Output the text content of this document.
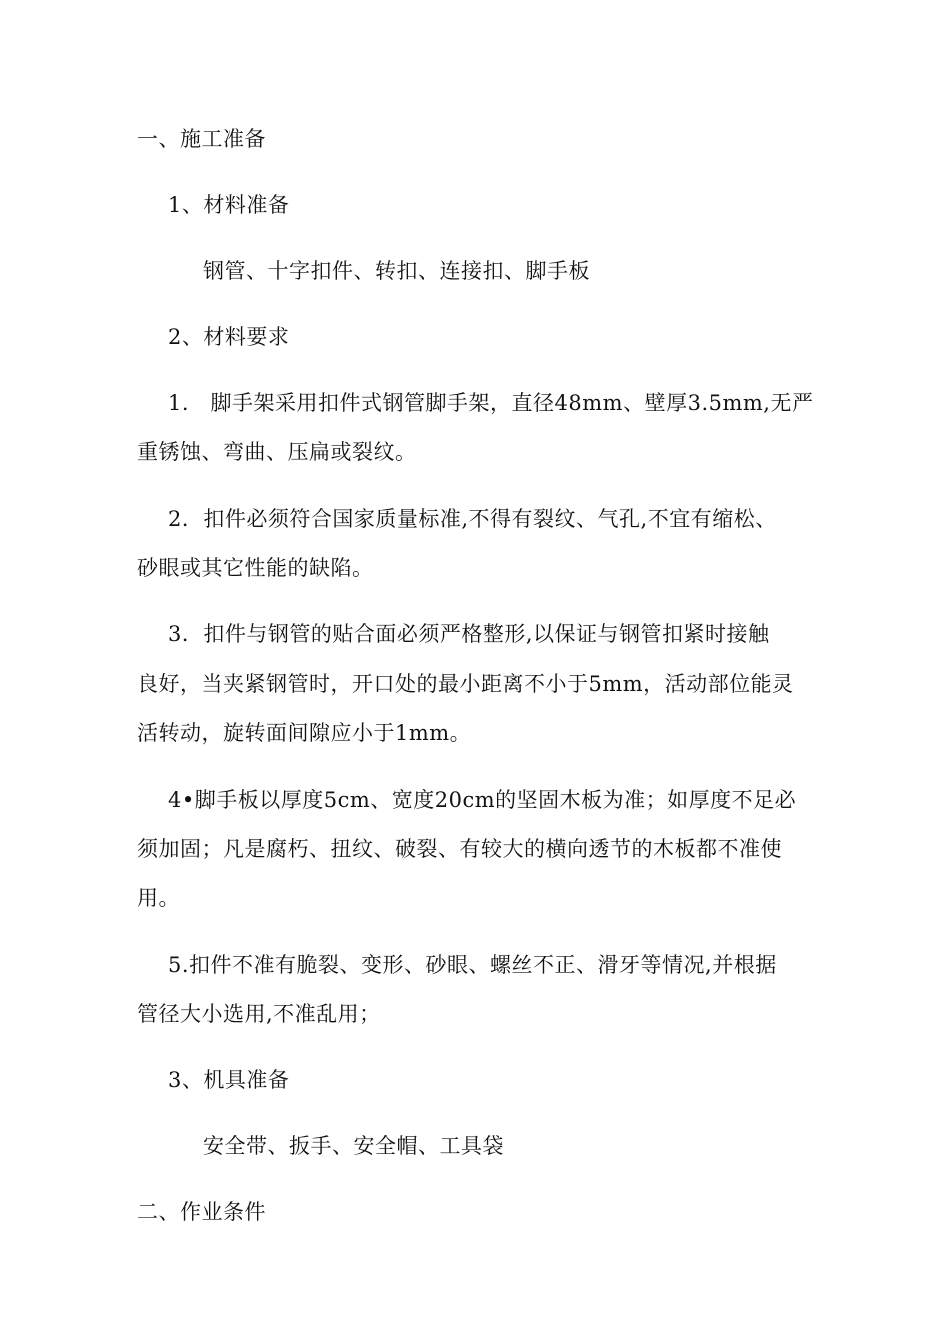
一、施工准备

1、材料准备

钢管、十字扣件、转扣、连接扣、脚手板

2、材料要求

1.　脚手架采用扣件式钢管脚手架，直径48mm、壁厚3.5mm,无严

重锈蚀、弯曲、压扁或裂纹。

2．扣件必须符合国家质量标准,不得有裂纹、气孔,不宜有缩松、

砂眼或其它性能的缺陷。

3．扣件与钢管的贴合面必须严格整形,以保证与钢管扣紧时接触

良好，当夹紧钢管时，开口处的最小距离不小于5mm，活动部位能灵

活转动，旋转面间隙应小于1mm。

4•脚手板以厚度5cm、宽度20cm的坚固木板为准；如厚度不足必

须加固；凡是腐朽、扭纹、破裂、有较大的横向透节的木板都不准使

用。

5.扣件不准有脆裂、变形、砂眼、螺丝不正、滑牙等情况,并根据

管径大小选用,不准乱用；

3、机具准备

安全带、扳手、安全帽、工具袋

二、作业条件
